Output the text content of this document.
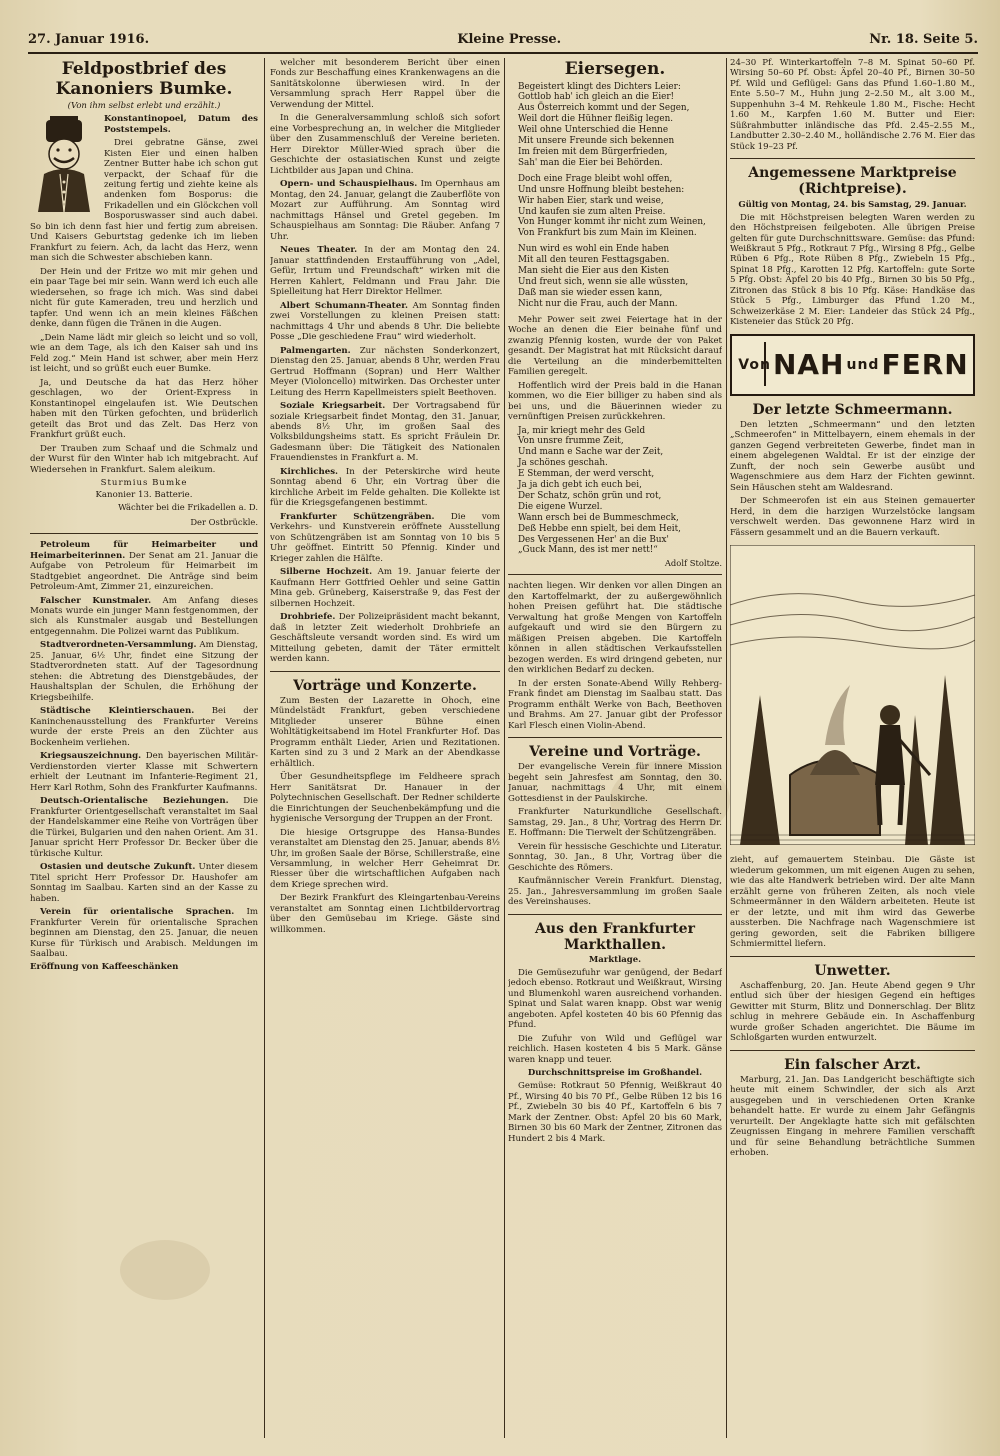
27. Januar 1916.	Kleine Presse.	Nr. 18. Seite 5.
Feldpostbrief des Kanoniers Bumke.
(Von ihm selbst erlebt und erzählt.)

Konstantinopoel, Datum des Poststempels.

Drei gebratne Gänse, zwei Kisten Eier und einen halben Zentner Butter habe ich schon gut verpackt, der Schaaf für die zeitung fertig und ziehte keine als andenken fom Bosporus: die Frikadellen und ein Glöckchen voll Bosporuswasser sind auch dabei. So bin ich denn fast hier und fertig zum abreisen. Und Kaisers Geburtstag gedenke ich im lieben Frankfurt zu feiern. Ach, da lacht das Herz, wenn man sich die Schwester abschieben kann.

Der Hein und der Fritze wo mit mir gehen und ein paar Tage bei mir sein. Wann werd ich euch alle wiedersehen, so frage ich mich. Was sind dabei nicht für gute Kameraden, treu und herzlich und tapfer. Und wenn ich an mein kleines Fäßchen denke, dann fügen die Tränen in die Augen.

„Dein Name lädt mir gleich so leicht und so voll, wie an dem Tage, als ich den Kaiser sah und ins Feld zog.“ Mein Hand ist schwer, aber mein Herz ist leicht, und so grüßt euch euer Bumke.

Ja, und Deutsche da hat das Herz höher geschlagen, wo der Orient-Express in Konstantinopel eingelaufen ist. Wie Deutschen haben mit den Türken gefochten, und brüderlich geteilt das Brot und das Zelt. Das Herz von Frankfurt grüßt euch.

Der Trauben zum Schaaf und die Schmalz und der Wurst für den Winter hab ich mitgebracht. Auf Wiedersehen in Frankfurt. Salem aleikum.

Sturmius Bumke
Kanonier 13. Batterie.
Wächter bei die Frikadellen a. D.
Der Ostbrückle.

Petroleum für Heimarbeiter und Heimarbeiterinnen. Der Senat am 21. Januar die Aufgabe von Petroleum für Heimarbeit im Stadtgebiet angeordnet. Die Anträge sind beim Petroleum-Amt, Zimmer 21, einzureichen.

Falscher Kunstmaler. Am Anfang dieses Monats wurde ein junger Mann festgenommen, der sich als Kunstmaler ausgab und Bestellungen entgegennahm. Die Polizei warnt das Publikum.

Stadtverordneten-Versammlung. Am Dienstag, 25. Januar, 6½ Uhr, findet eine Sitzung der Stadtverordneten statt. Auf der Tagesordnung stehen: die Abtretung des Dienstgebäudes, der Haushaltsplan der Schulen, die Erhöhung der Kriegsbeihilfe.

Städtische Kleintierschauen. Bei der Kaninchenausstellung des Frankfurter Vereins wurde der erste Preis an den Züchter aus Bockenheim verliehen.

Kriegsauszeichnung. Den bayerischen Militär-Verdienstorden vierter Klasse mit Schwertern erhielt der Leutnant im Infanterie-Regiment 21, Herr Karl Rothm, Sohn des Frankfurter Kaufmanns.

Deutsch-Orientalische Beziehungen. Die Frankfurter Orientgesellschaft veranstaltet im Saal der Handelskammer eine Reihe von Vorträgen über die Türkei, Bulgarien und den nahen Orient. Am 31. Januar spricht Herr Professor Dr. Becker über die türkische Kultur.

Ostasien und deutsche Zukunft. Unter diesem Titel spricht Herr Professor Dr. Haushofer am Sonntag im Saalbau. Karten sind an der Kasse zu haben.

Verein für orientalische Sprachen. Im Frankfurter Verein für orientalische Sprachen beginnen am Dienstag, den 25. Januar, die neuen Kurse für Türkisch und Arabisch. Meldungen im Saalbau.

Eröffnung von Kaffeeschänken

welcher mit besonderem Bericht über einen Fonds zur Beschaffung eines Krankenwagens an die Sanitätskolonne überwiesen wird. In der Versammlung sprach Herr Rappel über die Verwendung der Mittel.

In die Generalversammlung schloß sich sofort eine Vorbesprechung an, in welcher die Mitglieder über den Zusammenschluß der Vereine berieten. Herr Direktor Müller-Wied sprach über die Geschichte der ostasiatischen Kunst und zeigte Lichtbilder aus Japan und China.

Opern- und Schauspielhaus. Im Opernhaus am Montag, den 24. Januar, gelangt die Zauberflöte von Mozart zur Aufführung. Am Sonntag wird nachmittags Hänsel und Gretel gegeben. Im Schauspielhaus am Sonntag: Die Räuber. Anfang 7 Uhr.

Neues Theater. In der am Montag den 24. Januar stattfindenden Erstaufführung von „Adel, Gefür, Irrtum und Freundschaft“ wirken mit die Herren Kahlert, Feldmann und Frau Jahr. Die Spielleitung hat Herr Direktor Hellmer.

Albert Schumann-Theater. Am Sonntag finden zwei Vorstellungen zu kleinen Preisen statt: nachmittags 4 Uhr und abends 8 Uhr. Die beliebte Posse „Die geschiedene Frau“ wird wiederholt.

Palmengarten. Zur nächsten Sonderkonzert, Dienstag den 25. Januar, abends 8 Uhr, werden Frau Gertrud Hoffmann (Sopran) und Herr Walther Meyer (Violoncello) mitwirken. Das Orchester unter Leitung des Herrn Kapellmeisters spielt Beethoven.

Soziale Kriegsarbeit. Der Vortragsabend für soziale Kriegsarbeit findet Montag, den 31. Januar, abends 8½ Uhr, im großen Saal des Volksbildungsheims statt. Es spricht Fräulein Dr. Gadesmann über: Die Tätigkeit des Nationalen Frauendienstes in Frankfurt a. M.

Kirchliches. In der Peterskirche wird heute Sonntag abend 6 Uhr, ein Vortrag über die kirchliche Arbeit im Felde gehalten. Die Kollekte ist für die Kriegsgefangenen bestimmt.

Frankfurter Schützengräben. Die vom Verkehrs- und Kunstverein eröffnete Ausstellung von Schützengräben ist am Sonntag von 10 bis 5 Uhr geöffnet. Eintritt 50 Pfennig. Kinder und Krieger zahlen die Hälfte.

Silberne Hochzeit. Am 19. Januar feierte der Kaufmann Herr Gottfried Oehler und seine Gattin Mina geb. Grüneberg, Kaiserstraße 9, das Fest der silbernen Hochzeit.

Drohbriefe. Der Polizeipräsident macht bekannt, daß in letzter Zeit wiederholt Drohbriefe an Geschäftsleute versandt worden sind. Es wird um Mitteilung gebeten, damit der Täter ermittelt werden kann.

Vorträge und Konzerte.

Zum Besten der Lazarette in Ohoch, eine Mündelstädt Frankfurt, geben verschiedene Mitglieder unserer Bühne einen Wohltätigkeitsabend im Hotel Frankfurter Hof. Das Programm enthält Lieder, Arien und Rezitationen. Karten sind zu 3 und 2 Mark an der Abendkasse erhältlich.

Über Gesundheitspflege im Feldheere sprach Herr Sanitätsrat Dr. Hanauer in der Polytechnischen Gesellschaft. Der Redner schilderte die Einrichtungen der Seuchenbekämpfung und die hygienische Versorgung der Truppen an der Front.

Die hiesige Ortsgruppe des Hansa-Bundes veranstaltet am Dienstag den 25. Januar, abends 8½ Uhr, im großen Saale der Börse, Schillerstraße, eine Versammlung, in welcher Herr Geheimrat Dr. Riesser über die wirtschaftlichen Aufgaben nach dem Kriege sprechen wird.

Der Bezirk Frankfurt des Kleingartenbau-Vereins veranstaltet am Sonntag einen Lichtbildervortrag über den Gemüsebau im Kriege. Gäste sind willkommen.

Eiersegen.
Begeistert klingt des Dichters Leier:
Gottlob hab' ich gleich an die Eier!
Aus Österreich kommt und der Segen,
Weil dort die Hühner fleißig legen.
Weil ohne Unterschied die Henne
Mit unsere Freunde sich bekennen
Im freien mit dem Bürgerfrieden,
Sah' man die Eier bei Behörden.
Doch eine Frage bleibt wohl offen,
Und unsre Hoffnung bleibt bestehen:
Wir haben Eier, stark und weise,
Und kaufen sie zum alten Preise.
Von Hunger kommt ihr nicht zum Weinen,
Von Frankfurt bis zum Main im Kleinen.
Nun wird es wohl ein Ende haben
Mit all den teuren Festtagsgaben.
Man sieht die Eier aus den Kisten
Und freut sich, wenn sie alle wüssten,
Daß man sie wieder essen kann,
Nicht nur die Frau, auch der Mann.

Mehr Power seit zwei Feiertage hat in der Woche an denen die Eier beinahe fünf und zwanzig Pfennig kosten, wurde der von Paket gesandt. Der Magistrat hat mit Rücksicht darauf die Verteilung an die minderbemittelten Familien geregelt.

Hoffentlich wird der Preis bald in die Hanan kommen, wo die Eier billiger zu haben sind als bei uns, und die Bäuerinnen wieder zu vernünftigen Preisen zurückkehren.

Ja, mir kriegt mehr des Geld
Von unsre frumme Zeit,
Und mann e Sache war der Zeit,
Ja schönes geschah.
E Stemman, der werd verscht,
Ja ja dich gebt ich euch bei,
Der Schatz, schön grün und rot,
Die eigene Wurzel.
Wann ersch bei de Bummeschmeck,
Deß Hebbe enn spielt, bei dem Heit,
Des Vergessenen Her' an die Bux'
„Guck Mann, des ist mer nett!“
Adolf Stoltze.

nachten liegen. Wir denken vor allen Dingen an den Kartoffelmarkt, der zu außergewöhnlich hohen Preisen geführt hat. Die städtische Verwaltung hat große Mengen von Kartoffeln aufgekauft und wird sie den Bürgern zu mäßigen Preisen abgeben. Die Kartoffeln können in allen städtischen Verkaufsstellen bezogen werden. Es wird dringend gebeten, nur den wirklichen Bedarf zu decken.

In der ersten Sonate-Abend Willy Rehberg-Frank findet am Dienstag im Saalbau statt. Das Programm enthält Werke von Bach, Beethoven und Brahms. Am 27. Januar gibt der Professor Karl Flesch einen Violin-Abend.

Vereine und Vorträge.

Der evangelische Verein für innere Mission begeht sein Jahresfest am Sonntag, den 30. Januar, nachmittags 4 Uhr, mit einem Gottesdienst in der Paulskirche.

Frankfurter Naturkundliche Gesellschaft. Samstag, 29. Jan., 8 Uhr, Vortrag des Herrn Dr. E. Hoffmann: Die Tierwelt der Schützengräben.

Verein für hessische Geschichte und Literatur. Sonntag, 30. Jan., 8 Uhr, Vortrag über die Geschichte des Römers.

Kaufmännischer Verein Frankfurt. Dienstag, 25. Jan., Jahresversammlung im großen Saale des Vereinshauses.

Aus den Frankfurter Markthallen.
Marktlage.

Die Gemüsezufuhr war genügend, der Bedarf jedoch ebenso. Rotkraut und Weißkraut, Wirsing und Blumenkohl waren ausreichend vorhanden. Spinat und Salat waren knapp. Obst war wenig angeboten. Apfel kosteten 40 bis 60 Pfennig das Pfund.

Die Zufuhr von Wild und Geflügel war reichlich. Hasen kosteten 4 bis 5 Mark. Gänse waren knapp und teuer.

Durchschnittspreise im Großhandel.

Gemüse: Rotkraut 50 Pfennig, Weißkraut 40 Pf., Wirsing 40 bis 70 Pf., Gelbe Rüben 12 bis 16 Pf., Zwiebeln 30 bis 40 Pf., Kartoffeln 6 bis 7 Mark der Zentner. Obst: Apfel 20 bis 60 Mark, Birnen 30 bis 60 Mark der Zentner, Zitronen das Hundert 2 bis 4 Mark.

24–30 Pf. Winterkartoffeln 7–8 M. Spinat 50–60 Pf. Wirsing 50–60 Pf. Obst: Äpfel 20–40 Pf., Birnen 30–50 Pf. Wild und Geflügel: Gans das Pfund 1.60–1.80 M., Ente 5.50–7 M., Huhn jung 2–2.50 M., alt 3.00 M., Suppenhuhn 3–4 M. Rehkeule 1.80 M., Fische: Hecht 1.60 M., Karpfen 1.60 M. Butter und Eier: Süßrahmbutter inländische das Pfd. 2.45–2.55 M., Landbutter 2.30–2.40 M., holländische 2.76 M. Eier das Stück 19–23 Pf.

Angemessene Marktpreise (Richtpreise).
Gültig von Montag, 24. bis Samstag, 29. Januar.

Die mit Höchstpreisen belegten Waren werden zu den Höchstpreisen feilgeboten. Alle übrigen Preise gelten für gute Durchschnittsware. Gemüse: das Pfund: Weißkraut 5 Pfg., Rotkraut 7 Pfg., Wirsing 8 Pfg., Gelbe Rüben 6 Pfg., Rote Rüben 8 Pfg., Zwiebeln 15 Pfg., Spinat 18 Pfg., Karotten 12 Pfg. Kartoffeln: gute Sorte 5 Pfg. Obst: Äpfel 20 bis 40 Pfg., Birnen 30 bis 50 Pfg., Zitronen das Stück 8 bis 10 Pfg. Käse: Handkäse das Stück 5 Pfg., Limburger das Pfund 1.20 M., Schweizerkäse 2 M. Eier: Landeier das Stück 24 Pfg., Kisteneier das Stück 20 Pfg.

Von NAH und FERN
Der letzte Schmeermann.

Den letzten „Schmeermann“ und den letzten „Schmeerofen“ in Mittelbayern, einem ehemals in der ganzen Gegend verbreiteten Gewerbe, findet man in einem abgelegenen Waldtal. Er ist der einzige der Zunft, der noch sein Gewerbe ausübt und Wagenschmiere aus dem Harz der Fichten gewinnt. Sein Häuschen steht am Waldesrand.

Der Schmeerofen ist ein aus Steinen gemauerter Herd, in dem die harzigen Wurzelstöcke langsam verschwelt werden. Das gewonnene Harz wird in Fässern gesammelt und an die Bauern verkauft.

zieht, auf gemauertem Steinbau. Die Gäste ist wiederum gekommen, um mit eigenen Augen zu sehen, wie das alte Handwerk betrieben wird. Der alte Mann erzählt gerne von früheren Zeiten, als noch viele Schmeermänner in den Wäldern arbeiteten. Heute ist er der letzte, und mit ihm wird das Gewerbe aussterben. Die Nachfrage nach Wagenschmiere ist gering geworden, seit die Fabriken billigere Schmiermittel liefern.

Unwetter.

Aschaffenburg, 20. Jan. Heute Abend gegen 9 Uhr entlud sich über der hiesigen Gegend ein heftiges Gewitter mit Sturm, Blitz und Donnerschlag. Der Blitz schlug in mehrere Gebäude ein. In Aschaffenburg wurde großer Schaden angerichtet. Die Bäume im Schloßgarten wurden entwurzelt.

Ein falscher Arzt.

Marburg, 21. Jan. Das Landgericht beschäftigte sich heute mit einem Schwindler, der sich als Arzt ausgegeben und in verschiedenen Orten Kranke behandelt hatte. Er wurde zu einem Jahr Gefängnis verurteilt. Der Angeklagte hatte sich mit gefälschten Zeugnissen Eingang in mehrere Familien verschafft und für seine Behandlung beträchtliche Summen erhoben.
